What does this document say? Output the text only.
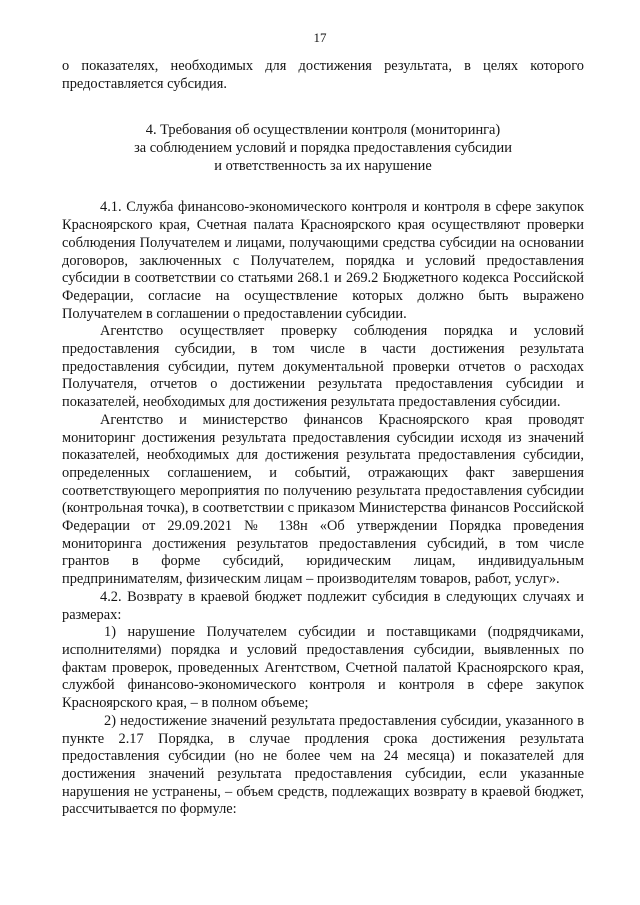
17

о показателях, необходимых для достижения результата, в целях которого предоставляется субсидия.

4. Требования об осуществлении контроля (мониторинга)
за соблюдением условий и порядка предоставления субсидии
и ответственность за их нарушение

4.1. Служба финансово-экономического контроля и контроля в сфере закупок Красноярского края, Счетная палата Красноярского края осуществляют проверки соблюдения Получателем и лицами, получающими средства субсидии на основании договоров, заключенных с Получателем, порядка и условий предоставления субсидии в соответствии со статьями 268.1 и 269.2 Бюджетного кодекса Российской Федерации, согласие на осуществление которых должно быть выражено Получателем в соглашении о предоставлении субсидии.

Агентство осуществляет проверку соблюдения порядка и условий предоставления субсидии, в том числе в части достижения результата предоставления субсидии, путем документальной проверки отчетов о расходах Получателя, отчетов о достижении результата предоставления субсидии и показателей, необходимых для достижения результата предоставления субсидии.

Агентство и министерство финансов Красноярского края проводят мониторинг достижения результата предоставления субсидии исходя из значений показателей, необходимых для достижения результата предоставления субсидии, определенных соглашением, и событий, отражающих факт завершения соответствующего мероприятия по получению результата предоставления субсидии (контрольная точка), в соответствии с приказом Министерства финансов Российской Федерации от 29.09.2021 № 138н «Об утверждении Порядка проведения мониторинга достижения результатов предоставления субсидий, в том числе грантов в форме субсидий, юридическим лицам, индивидуальным предпринимателям, физическим лицам – производителям товаров, работ, услуг».

4.2. Возврату в краевой бюджет подлежит субсидия в следующих случаях и размерах:

1) нарушение Получателем субсидии и поставщиками (подрядчиками, исполнителями) порядка и условий предоставления субсидии, выявленных по фактам проверок, проведенных Агентством, Счетной палатой Красноярского края, службой финансово-экономического контроля и контроля в сфере закупок Красноярского края, – в полном объеме;

2) недостижение значений результата предоставления субсидии, указанного в пункте 2.17 Порядка, в случае продления срока достижения результата предоставления субсидии (но не более чем на 24 месяца) и показателей для достижения значений результата предоставления субсидии, если указанные нарушения не устранены, – объем средств, подлежащих возврату в краевой бюджет, рассчитывается по формуле:
